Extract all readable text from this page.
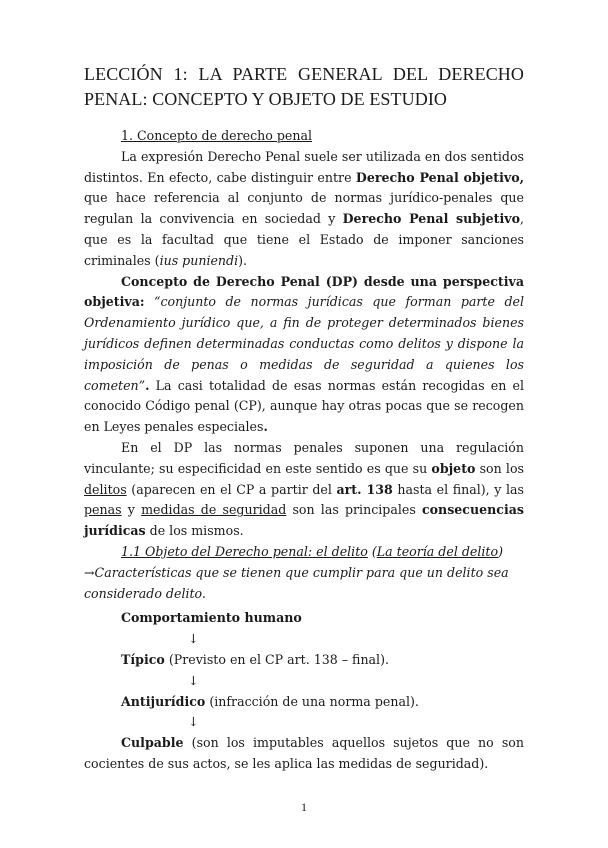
LECCIÓN 1: LA PARTE GENERAL DEL DERECHO PENAL: CONCEPTO Y OBJETO DE ESTUDIO

1. Concepto de derecho penal

La expresión Derecho Penal suele ser utilizada en dos sentidos distintos. En efecto, cabe distinguir entre Derecho Penal objetivo, que hace referencia al conjunto de normas jurídico-penales que regulan la convivencia en sociedad y Derecho Penal subjetivo, que es la facultad que tiene el Estado de imponer sanciones criminales (ius puniendi).

Concepto de Derecho Penal (DP) desde una perspectiva objetiva: “conjunto de normas jurídicas que forman parte del Ordenamiento jurídico que, a fin de proteger determinados bienes jurídicos definen determinadas conductas como delitos y dispone la imposición de penas o medidas de seguridad a quienes los cometen”. La casi totalidad de esas normas están recogidas en el conocido Código penal (CP), aunque hay otras pocas que se recogen en Leyes penales especiales.

En el DP las normas penales suponen una regulación vinculante; su especificidad en este sentido es que su objeto son los delitos (aparecen en el CP a partir del art. 138 hasta el final), y las penas y medidas de seguridad son las principales consecuencias jurídicas de los mismos.

1.1 Objeto del Derecho penal: el delito (La teoría del delito)

→Características que se tienen que cumplir para que un delito sea considerado delito.

Comportamiento humano

↓

Típico (Previsto en el CP art. 138 – final).

↓

Antijurídico (infracción de una norma penal).

↓

Culpable (son los imputables aquellos sujetos que no son cocientes de sus actos, se les aplica las medidas de seguridad).

1
